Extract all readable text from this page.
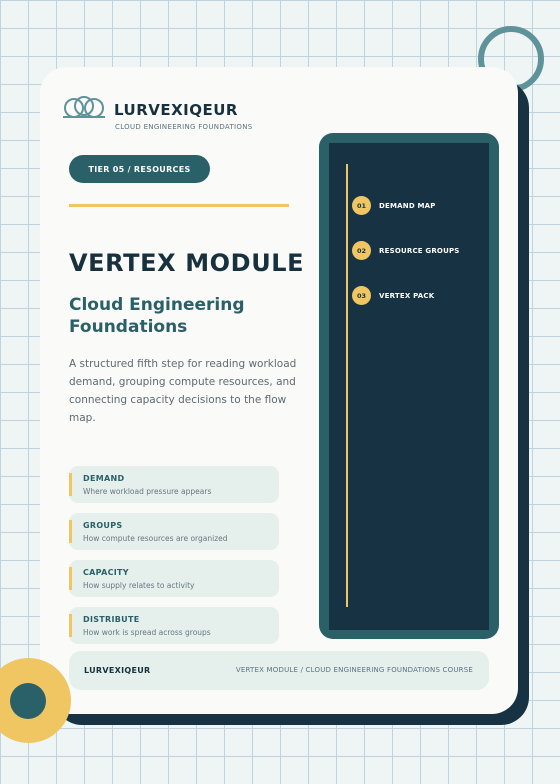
LURVEXIQEUR
CLOUD ENGINEERING FOUNDATIONS
TIER 05 / RESOURCES
VERTEX MODULE
Cloud Engineering Foundations
A structured fifth step for reading workload demand, grouping compute resources, and connecting capacity decisions to the flow map.
DEMAND
Where workload pressure appears
GROUPS
How compute resources are organized
CAPACITY
How supply relates to activity
DISTRIBUTE
How work is spread across groups
01	DEMAND MAP
02	RESOURCE GROUPS
03	VERTEX PACK
LURVEXIQEUR	VERTEX MODULE / CLOUD ENGINEERING FOUNDATIONS COURSE
